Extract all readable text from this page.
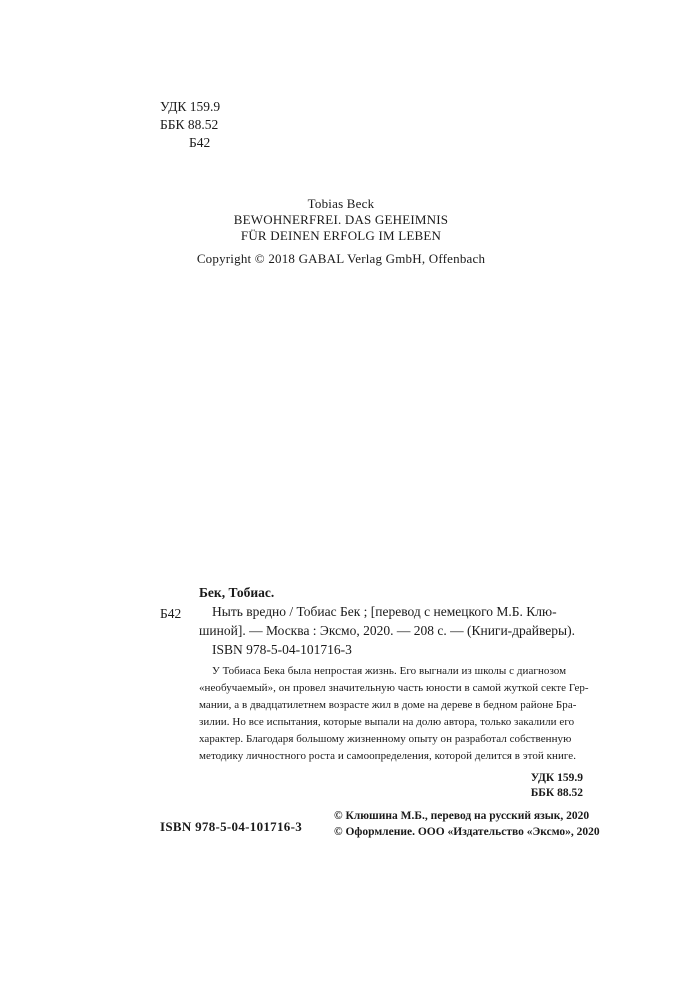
УДК 159.9
ББК 88.52
Б42
Tobias Beck
BEWOHNERFREI. DAS GEHEIMNIS
FÜR DEINEN ERFOLG IM LEBEN
Copyright © 2018 GABAL Verlag GmbH, Offenbach
Бек, Тобиас.
Б42 Ныть вредно / Тобиас Бек ; [перевод с немецкого М.Б. Клю-
шиной]. — Москва : Эксмо, 2020. — 208 с. — (Книги-драйверы).
ISBN 978-5-04-101716-3
У Тобиаса Бека была непростая жизнь. Его выгнали из школы с диагнозом
«необучаемый», он провел значительную часть юности в самой жуткой секте Гер-
мании, а в двадцатилетнем возрасте жил в доме на дереве в бедном районе Бра-
зилии. Но все испытания, которые выпали на долю автора, только закалили его
характер. Благодаря большому жизненному опыту он разработал собственную
методику личностного роста и самоопределения, которой делится в этой книге.
УДК 159.9
ББК 88.52
ISBN 978-5-04-101716-3
© Клюшина М.Б., перевод на русский язык, 2020
© Оформление. ООО «Издательство «Эксмо», 2020
